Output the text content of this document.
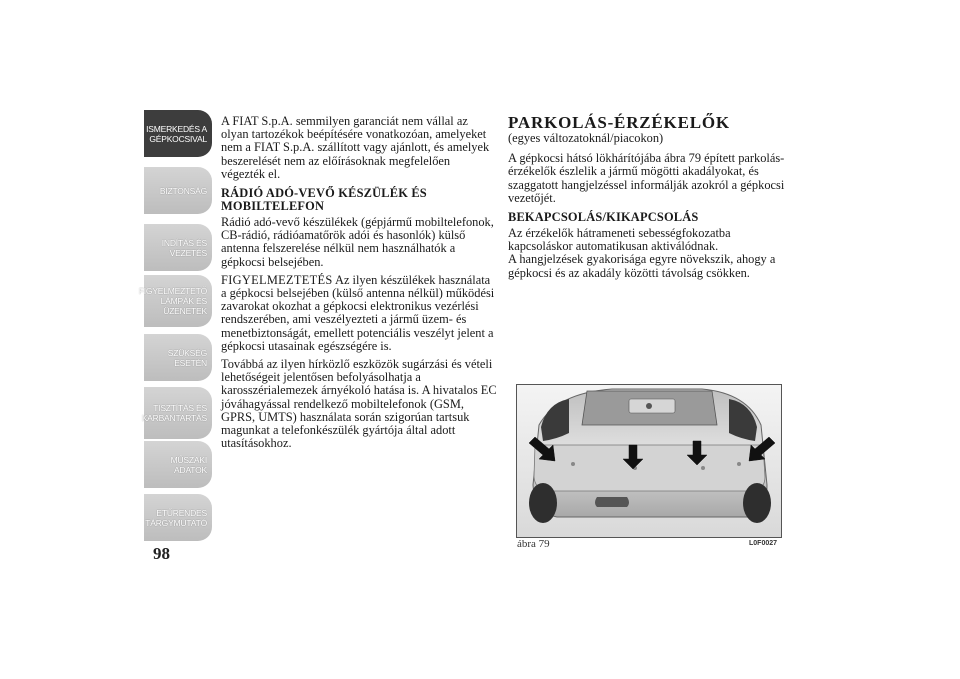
ISMERKEDÉS A
GÉPKOCSIVAL
BIZTONSÁG
INDÍTÁS ÉS
VEZETÉS
FIGYELMEZTETŐ
LÁMPÁK ÉS
ÜZENETEK
SZÜKSÉG ESETÉN
TISZTÍTÁS ÉS
KARBANTARTÁS
MŰSZAKI ADATOK
ETŰRENDES
TÁRGYMUTATÓ
98

A FIAT S.p.A. semmilyen garanciát nem vállal az olyan tartozékok beépítésére vonatkozóan, amelyeket nem a FIAT S.p.A. szállított vagy ajánlott, és amelyek beszerelését nem az előírásoknak megfelelően végezték el.

RÁDIÓ ADÓ-VEVŐ KÉSZÜLÉK ÉS MOBILTELEFON

Rádió adó-vevő készülékek (gépjármű mobiltelefonok, CB-rádió, rádióamatőrök adói és hasonlók) külső antenna felszerelése nélkül nem használhatók a gépkocsi belsejében.

FIGYELMEZTETÉS Az ilyen készülékek használata a gépkocsi belsejében (külső antenna nélkül) működési zavarokat okozhat a gépkocsi elektronikus vezérlési rendszerében, ami veszélyezteti a jármű üzem- és menetbiztonságát, emellett potenciális veszélyt jelent a gépkocsi utasainak egészségére is.

Továbbá az ilyen hírközlő eszközök sugárzási és vételi lehetőségeit jelentősen befolyásolhatja a karosszérialemezek árnyékoló hatása is. A hivatalos EC jóváhagyással rendelkező mobiltelefonok (GSM, GPRS, UMTS) használata során szigorúan tartsuk magunkat a telefonkészülék gyártója által adott utasításokhoz.

PARKOLÁS-ÉRZÉKELŐK

(egyes változatoknál/piacokon)

A gépkocsi hátsó lökhárítójába ábra 79 épített parkolás-érzékelők észlelik a jármű mögötti akadályokat, és szaggatott hangjelzéssel informálják azokról a gépkocsi vezetőjét.

BEKAPCSOLÁS/KIKAPCSOLÁS

Az érzékelők hátrameneti sebességfokozatba kapcsoláskor automatikusan aktiválódnak.

A hangjelzések gyakorisága egyre növekszik, ahogy a gépkocsi és az akadály közötti távolság csökken.

ábra 79	L0F0027
